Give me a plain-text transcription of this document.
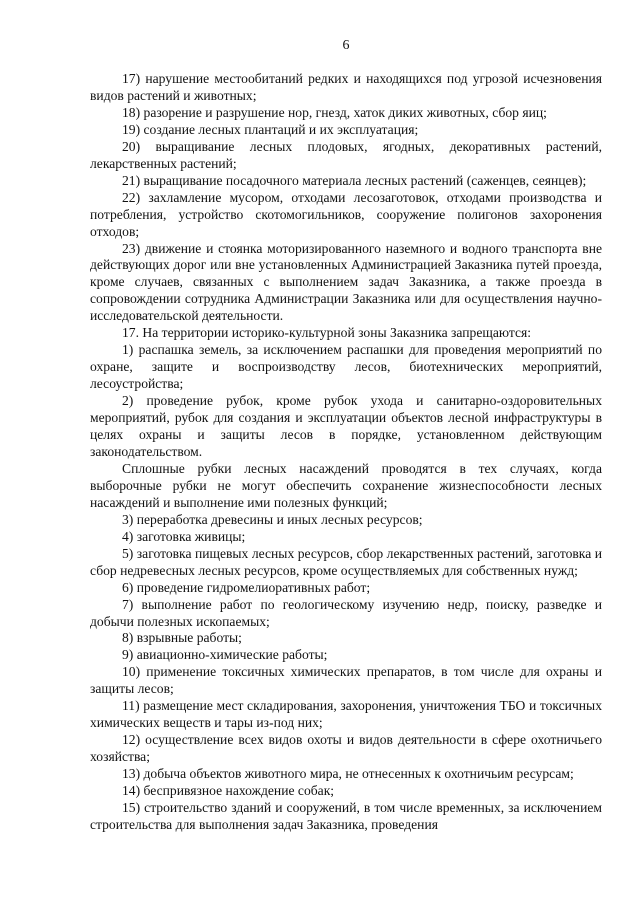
6

17) нарушение местообитаний редких и находящихся под угрозой исчезновения видов растений и животных;

18) разорение и разрушение нор, гнезд, хаток диких животных, сбор яиц;

19) создание лесных плантаций и их эксплуатация;

20) выращивание лесных плодовых, ягодных, декоративных растений, лекарственных растений;

21) выращивание посадочного материала лесных растений (саженцев, сеянцев);

22) захламление мусором, отходами лесозаготовок, отходами производства и потребления, устройство скотомогильников, сооружение полигонов захоронения отходов;

23) движение и стоянка моторизированного наземного и водного транспорта вне действующих дорог или вне установленных Администрацией Заказника путей проезда, кроме случаев, связанных с выполнением задач Заказника, а также проезда в сопровождении сотрудника Администрации Заказника или для осуществления научно-исследовательской деятельности.

17. На территории историко-культурной зоны Заказника запрещаются:

1) распашка земель, за исключением распашки для проведения мероприятий по охране, защите и воспроизводству лесов, биотехнических мероприятий, лесоустройства;

2) проведение рубок, кроме рубок ухода и санитарно-оздоровительных мероприятий, рубок для создания и эксплуатации объектов лесной инфраструктуры в целях охраны и защиты лесов в порядке, установленном действующим законодательством.

Сплошные рубки лесных насаждений проводятся в тех случаях, когда выборочные рубки не могут обеспечить сохранение жизнеспособности лесных насаждений и выполнение ими полезных функций;

3) переработка древесины и иных лесных ресурсов;

4) заготовка живицы;

5) заготовка пищевых лесных ресурсов, сбор лекарственных растений, заготовка и сбор недревесных лесных ресурсов, кроме осуществляемых для собственных нужд;

6) проведение гидромелиоративных работ;

7) выполнение работ по геологическому изучению недр, поиску, разведке и добычи полезных ископаемых;

8) взрывные работы;

9) авиационно-химические работы;

10) применение токсичных химических препаратов, в том числе для охраны и защиты лесов;

11) размещение мест складирования, захоронения, уничтожения ТБО и токсичных химических веществ и тары из-под них;

12) осуществление всех видов охоты и видов деятельности в сфере охотничьего хозяйства;

13) добыча объектов животного мира, не отнесенных к охотничьим ресурсам;

14) беспривязное нахождение собак;

15) строительство зданий и сооружений, в том числе временных, за исключением строительства для выполнения задач Заказника, проведения
